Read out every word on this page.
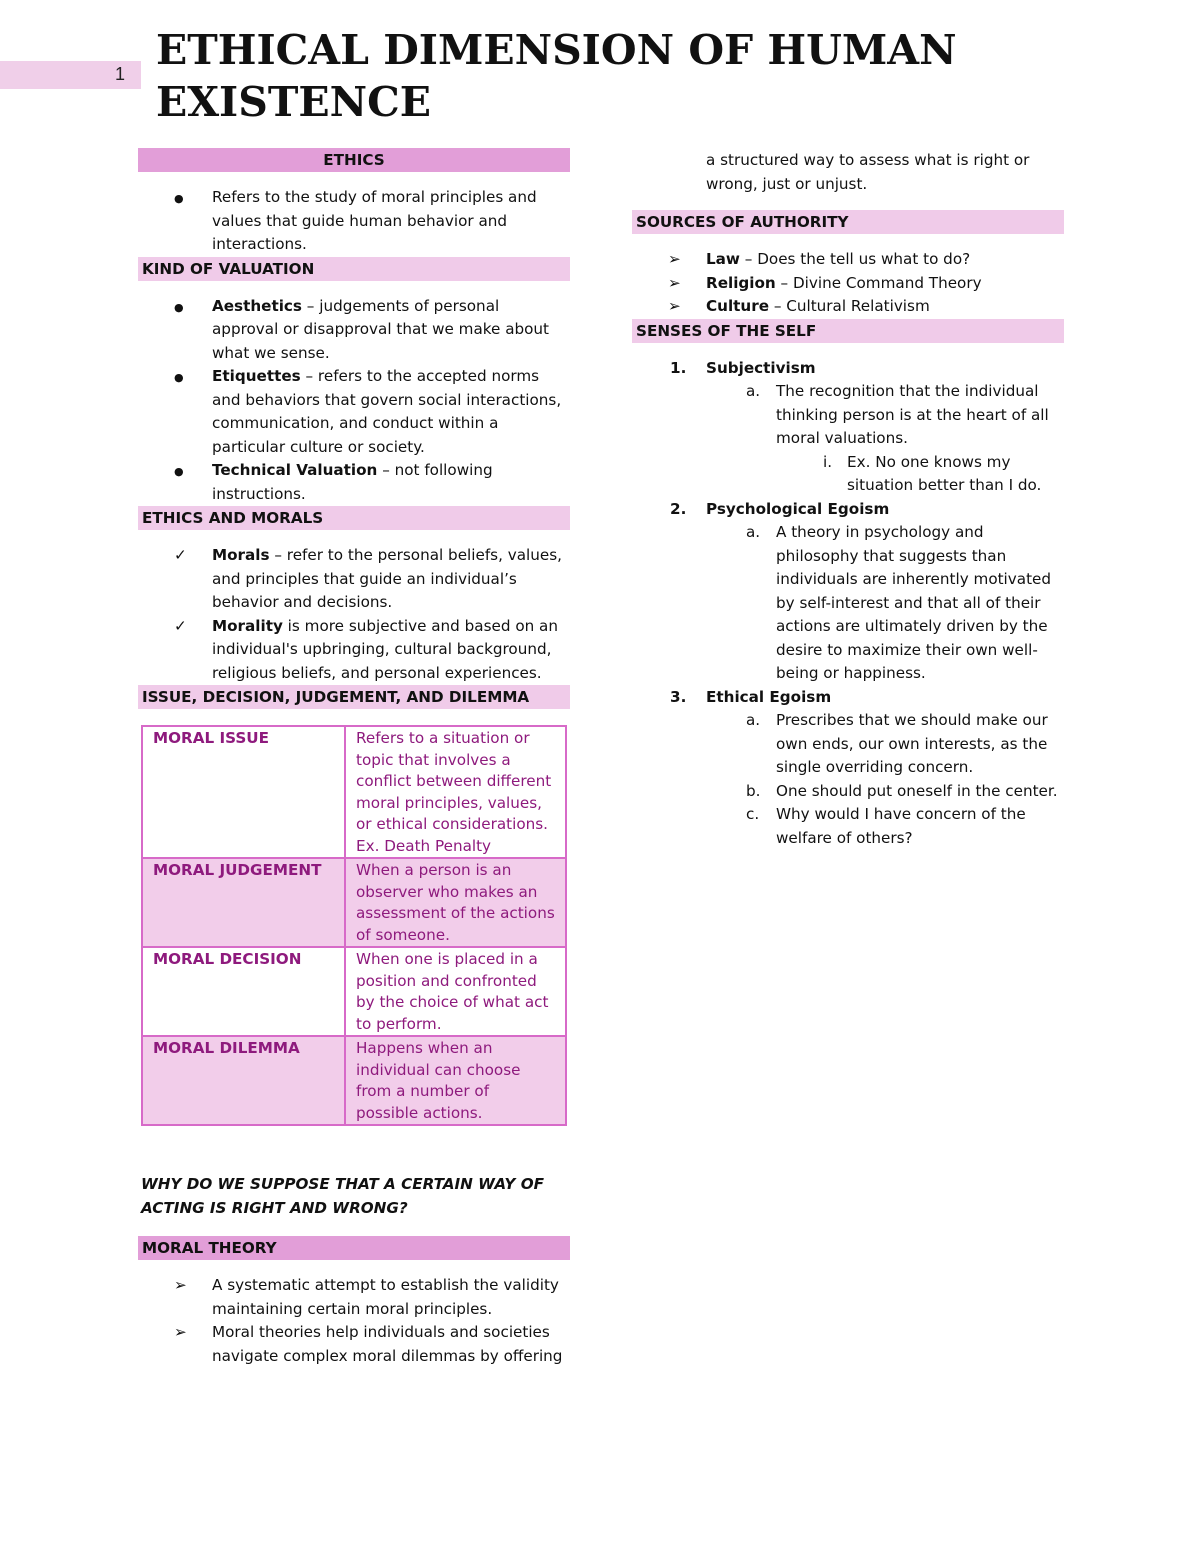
1 ETHICAL DIMENSION OF HUMAN EXISTENCE
ETHICS
●
Refers to the study of moral principles and values that guide human behavior and interactions.
KIND OF VALUATION
●
Aesthetics – judgements of personal approval or disapproval that we make about what we sense.
●
Etiquettes – refers to the accepted norms and behaviors that govern social interactions, communication, and conduct within a particular culture or society.
●
Technical Valuation – not following instructions.
ETHICS AND MORALS
✓
Morals – refer to the personal beliefs, values, and principles that guide an individual’s behavior and decisions.
✓
Morality is more subjective and based on an individual's upbringing, cultural background, religious beliefs, and personal experiences.
ISSUE, DECISION, JUDGEMENT, AND DILEMMA
MORAL ISSUE	Refers to a situation or topic that involves a conflict between different moral principles, values, or ethical considerations. Ex. Death Penalty
MORAL JUDGEMENT	When a person is an observer who makes an assessment of the actions of someone.
MORAL DECISION	When one is placed in a position and confronted by the choice of what act to perform.
MORAL DILEMMA	Happens when an individual can choose from a number of possible actions.
WHY DO WE SUPPOSE THAT A CERTAIN WAY OF ACTING IS RIGHT AND WRONG?
MORAL THEORY
➢
A systematic attempt to establish the validity maintaining certain moral principles.
➢
Moral theories help individuals and societies navigate complex moral dilemmas by offering
a structured way to assess what is right or wrong, just or unjust.
SOURCES OF AUTHORITY
➢
Law – Does the tell us what to do?
➢
Religion – Divine Command Theory
➢
Culture – Cultural Relativism
SENSES OF THE SELF
1. Subjectivism
a. The recognition that the individual thinking person is at the heart of all moral valuations.
i. Ex. No one knows my situation better than I do.
2. Psychological Egoism
a. A theory in psychology and philosophy that suggests than individuals are inherently motivated by self-interest and that all of their actions are ultimately driven by the desire to maximize their own well-being or happiness.
3. Ethical Egoism
a. Prescribes that we should make our own ends, our own interests, as the single overriding concern.
b. One should put oneself in the center.
c. Why would I have concern of the welfare of others?
